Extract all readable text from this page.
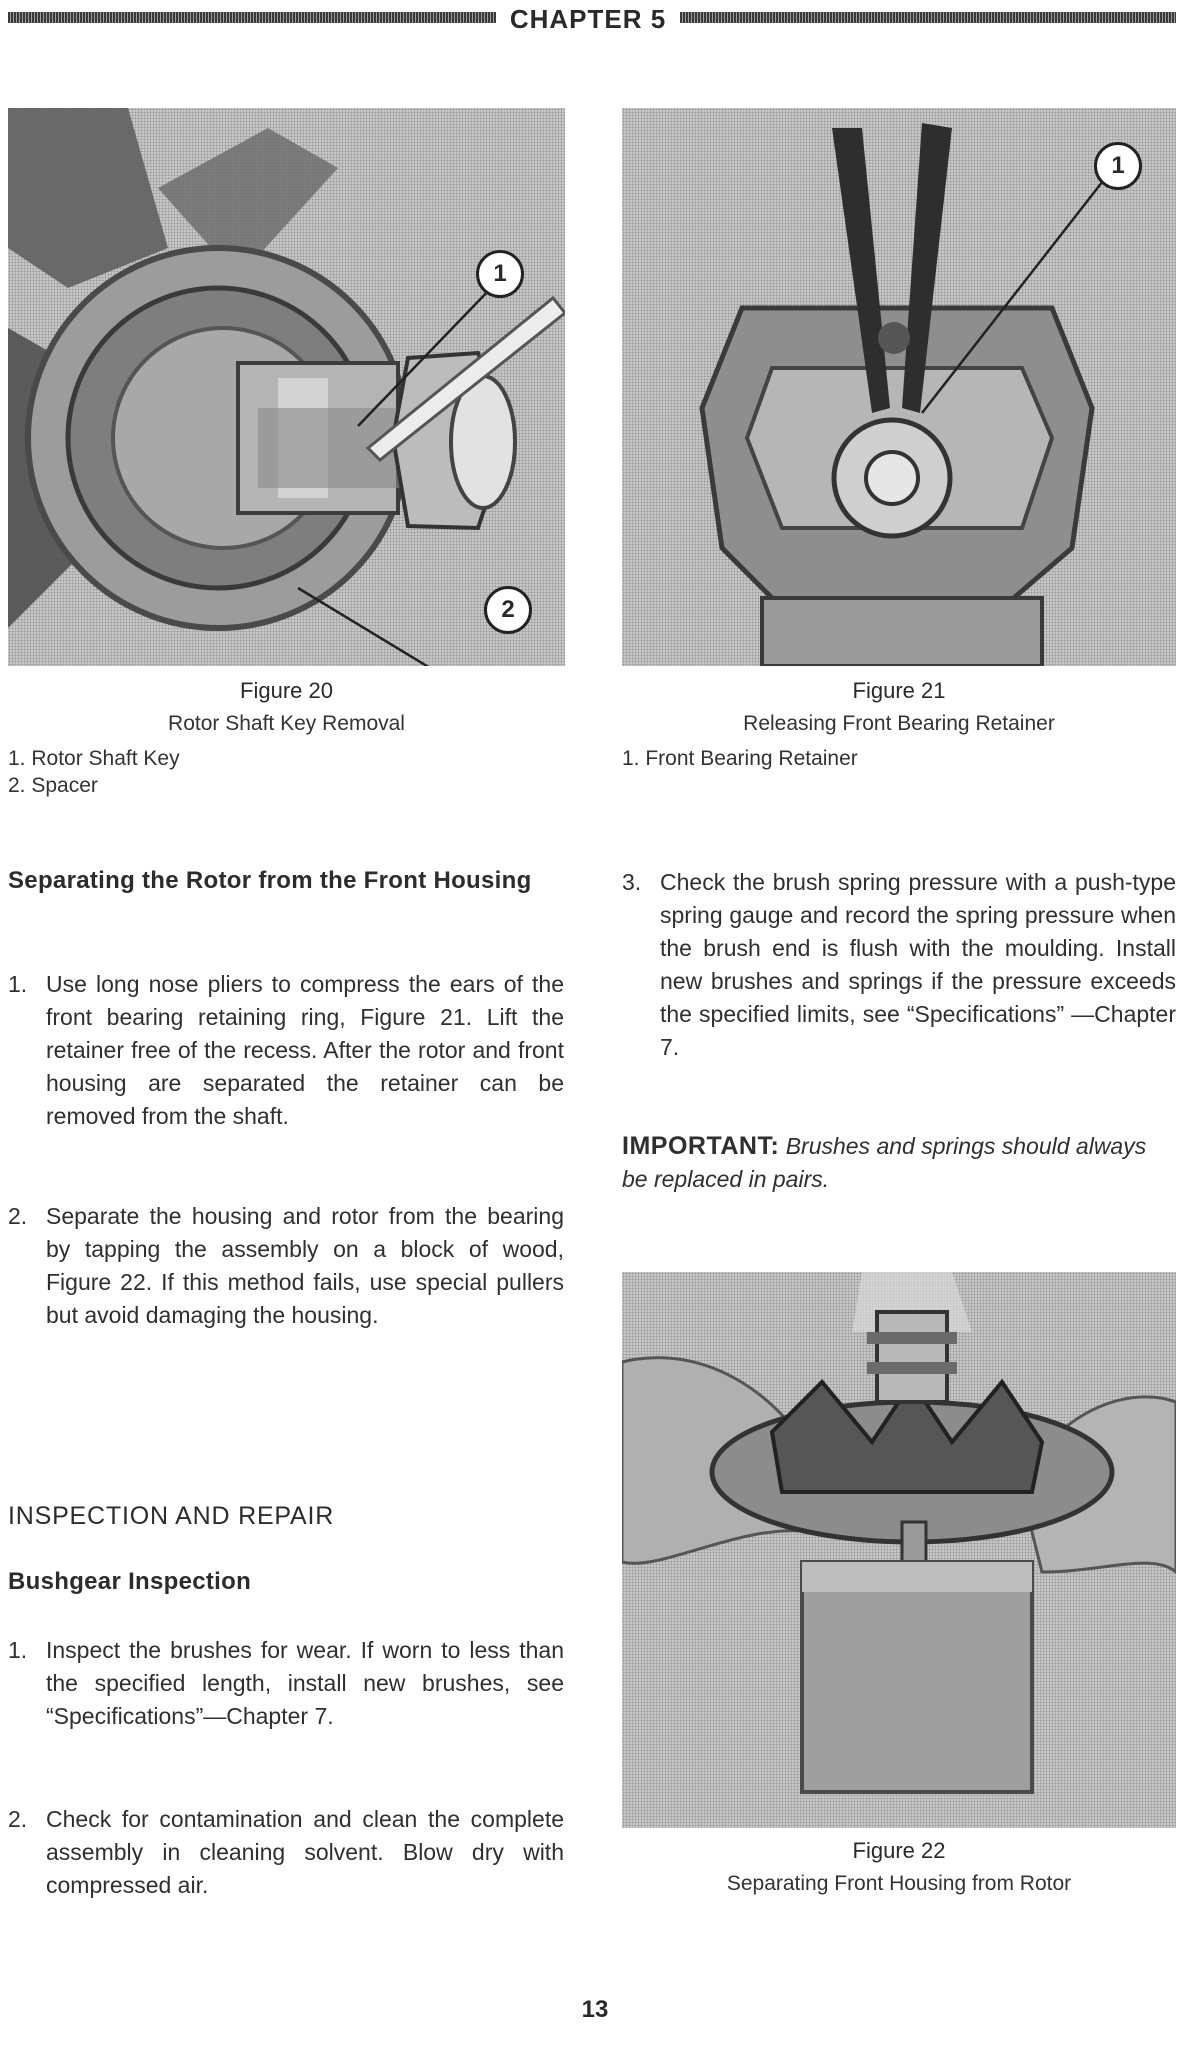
CHAPTER 5
1
2
Figure 20
Rotor Shaft Key Removal
1. Rotor Shaft Key
2. Spacer
1
Figure 21
Releasing Front Bearing Retainer
1. Front Bearing Retainer
Separating the Rotor from the Front Housing
1. Use long nose pliers to compress the ears of the front bearing retaining ring, Figure 21. Lift the retainer free of the recess. After the rotor and front housing are separated the retainer can be removed from the shaft.
2. Separate the housing and rotor from the bearing by tapping the assembly on a block of wood, Figure 22. If this method fails, use special pullers but avoid damaging the housing.
INSPECTION AND REPAIR
Bushgear Inspection
1. Inspect the brushes for wear. If worn to less than the specified length, install new brushes, see “Specifications”—Chapter 7.
2. Check for contamination and clean the complete assembly in cleaning solvent. Blow dry with compressed air.
3. Check the brush spring pressure with a push-type spring gauge and record the spring pressure when the brush end is flush with the moulding. Install new brushes and springs if the pressure exceeds the specified limits, see “Specifications” —Chapter 7.
IMPORTANT: Brushes and springs should always be replaced in pairs.
Figure 22
Separating Front Housing from Rotor
13
